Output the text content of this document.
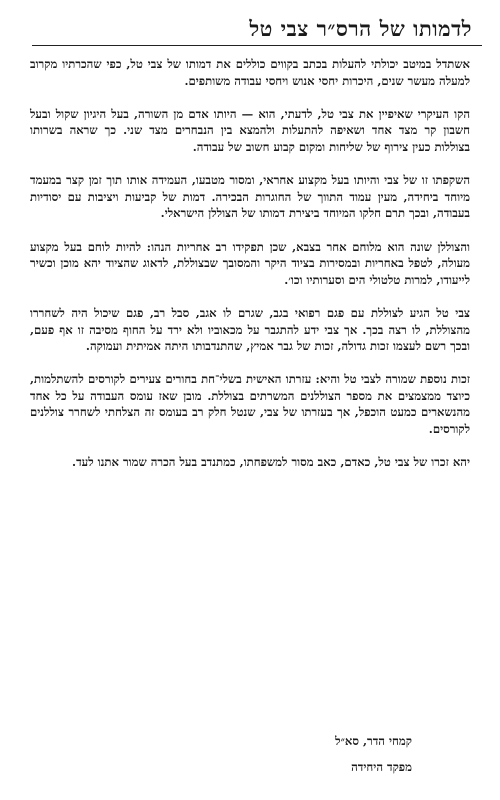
לדמותו של הרס״ר צבי טל

אשתדל במיטב יכולתי להעלות בכתב בקווים כוללים את דמותו של צבי טל, כפי שהכרתיו מקרוב למעלה מעשר שנים, היכרות יחסי אנוש ויחסי עבודה משותפים.

הקו העיקרי שאיפיין את צבי טל, לדעתי, הוא — היותו אדם מן השורה, בעל היגיון שקול ובעל חשבון קר מצד אחד ושאיפה להתעלות ולהמצא בין הנבחרים מצד שני. כך שראה בשרותו בצוללות כעין צירוף של שליחות ומקום קבוע חשוב של עבודה.

השקפתו זו של צבי והיותו בעל מקצוע אחראי, ומסור מטבעו, העמידה אותו תוך זמן קצר במעמד מיוחד ביחידה, מעין עמוד התווך של החוגרות הבכירה. דמות של קביעות ויציבות עם יסודיות בעבודה, ובכך תרם חלקו המיוחד ביצירת דמותו של הצוללן הישראלי.

והצוללן שונה הוא מלוחם אחר בצבא, שכן תפקידו רב אחריות הנהו: להיות לוחם בעל מקצוע מעולה, לטפל באחריות ובמסירות בציוד היקר והמסובך שבצוללת, לדאוג שהציוד יהא מוכן וכשיר לייעודו, למרות טלטולי הים וסערותיו וכו׳.

צבי טל הגיע לצוללת עם פגם רפואי בגב, שגרם לו אגב, סבל רב, פגם שיכול היה לשחררו מהצוללת, לו רצה בכך. אך צבי ידע להתגבר על מכאוביו ולא ירד על החוף מסיבה זו אף פעם, ובכך רשם לעצמו זכות גדולה, זכות של גבר אמיץ, שהתנדבותו היתה אמיתית ועמוקה.

זכות נוספת שמורה לצבי טל והיא: עזרתו האישית בשלי־חת בחורים צעירים לקורסים להשתלמות, כיוצד ממצמצים את מספר הצוללנים המשרתים בצוללת. מובן שאז עומס העבודה על כל אחד מהנשארים כמעט הוכפל, אך בעזרתו של צבי, שנטל חלק רב בעומס זה הצלחתי לשחרר צוללנים לקורסים.

יהא זכרו של צבי טל, כאדם, כאב מסור למשפחתו, כמתנדב בעל הכרה שמור אתנו לעד.

קמחי הדר, סא״ל
מפקד היחידה
